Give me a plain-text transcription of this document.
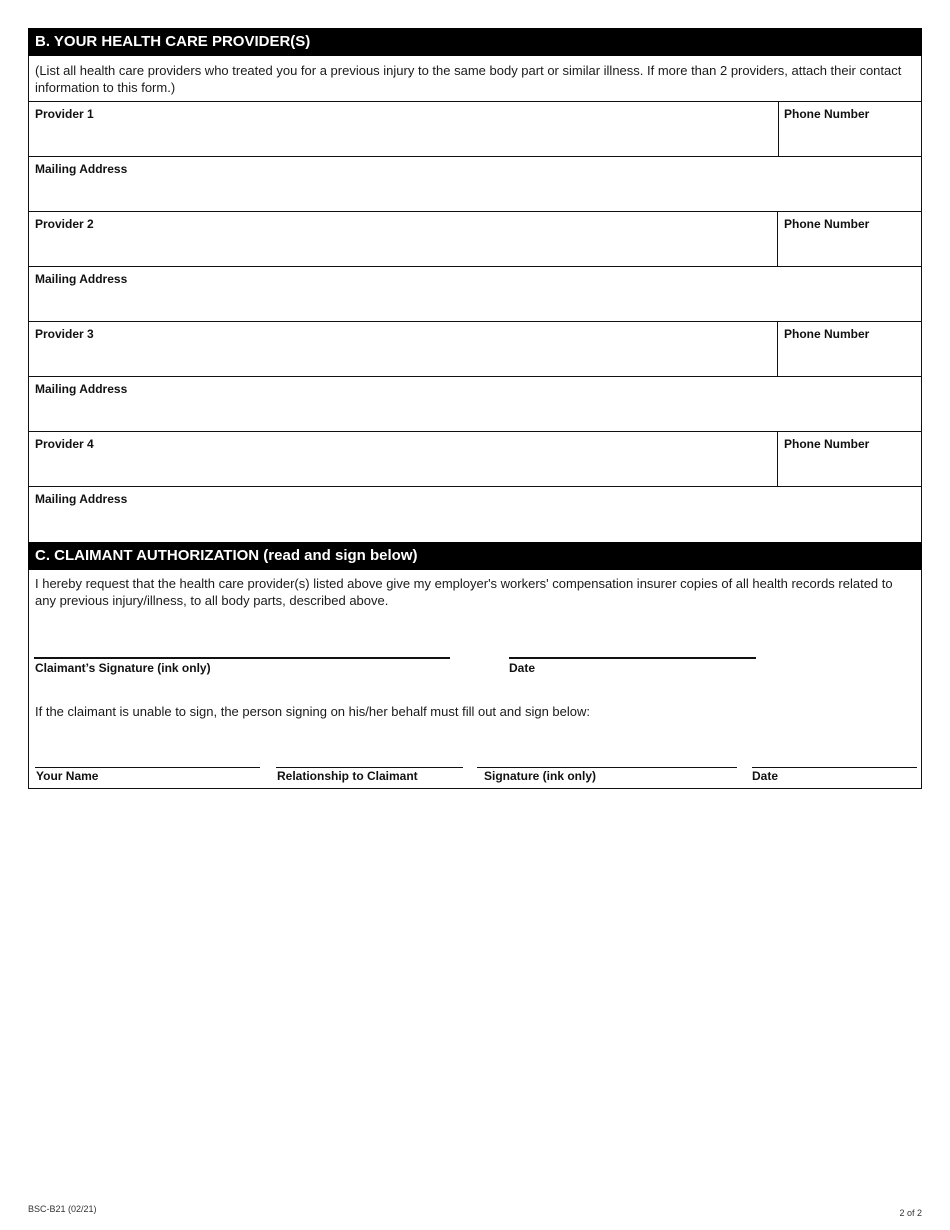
B. YOUR HEALTH CARE PROVIDER(S)
(List all health care providers who treated you for a previous injury to the same body part or similar illness. If more than 2 providers, attach their contact information to this form.)
Provider 1	Phone Number
Mailing Address
Provider 2	Phone Number
Mailing Address
Provider 3	Phone Number
Mailing Address
Provider 4	Phone Number
Mailing Address
C. CLAIMANT AUTHORIZATION (read and sign below)
I hereby request that the health care provider(s) listed above give my employer's workers' compensation insurer copies of all health records related to any previous injury/illness, to all body parts, described above.
Claimant’s Signature (ink only)	Date
If the claimant is unable to sign, the person signing on his/her behalf must fill out and sign below:
Your Name	Relationship to Claimant	Signature (ink only)	Date
BSC-B21 (02/21)	2 of 2
